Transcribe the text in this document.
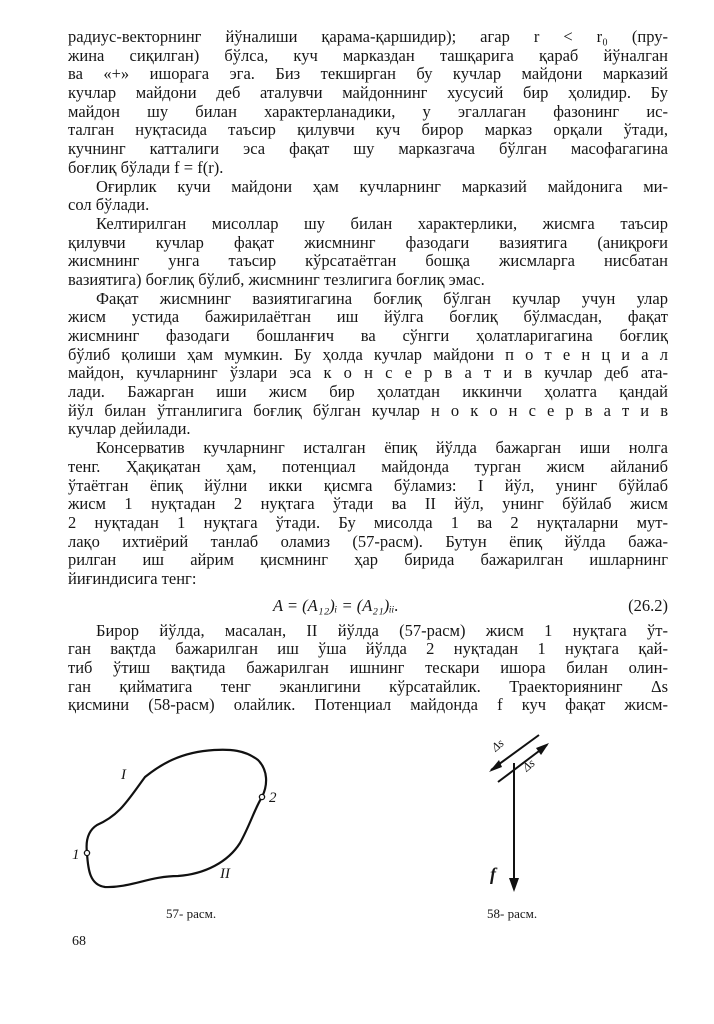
радиус-векторнинг йўналиши қарама-қаршидир); агар r < r₀ (пру-
жина сиқилган) бўлса, куч марказдан ташқарига қараб йўналган
ва «+» ишорага эга. Биз текширган бу кучлар майдони марказий
кучлар майдони деб аталувчи майдоннинг хусусий бир ҳолидир. Бу
майдон шу билан характерланадики, у эгаллаган фазонинг ис-
талган нуқтасида таъсир қилувчи куч бирор марказ орқали ўтади,
кучнинг катталиги эса фақат шу марказгача бўлган масофагагина
боғлиқ бўлади f = f(r).
Оғирлик кучи майдони ҳам кучларнинг марказий майдонига ми-
сол бўлади.
Келтирилган мисоллар шу билан характерлики, жисмга таъсир
қилувчи кучлар фақат жисмнинг фазодаги вазиятига (аниқроғи
жисмнинг унга таъсир кўрсатаётган бошқа жисмларга нисбатан
вазиятига) боғлиқ бўлиб, жисмнинг тезлигига боғлиқ эмас.
Фақат жисмнинг вазиятигагина боғлиқ бўлган кучлар учун улар
жисм устида бажирилаётган иш йўлга боғлиқ бўлмасдан, фақат
жисмнинг фазодаги бошланғич ва сўнгги ҳолатларигагина боғлиқ
бўлиб қолиши ҳам мумкин. Бу ҳолда кучлар майдони п о т е н ц и а л
майдон, кучларнинг ўзлари эса к о н с е р в а т и в кучлар деб ата-
лади. Бажарган иши жисм бир ҳолатдан иккинчи ҳолатга қандай
йўл билан ўтганлигига боғлиқ бўлган кучлар н о к о н с е р в а т и в
кучлар дейилади.
Консерватив кучларнинг исталган ёпиқ йўлда бажарган иши нолга
тенг. Ҳақиқатан ҳам, потенциал майдонда турган жисм айланиб
ўтаётган ёпиқ йўлни икки қисмга бўламиз: I йўл, унинг бўйлаб
жисм 1 нуқтадан 2 нуқтага ўтади ва II йўл, унинг бўйлаб жисм
2 нуқтадан 1 нуқтага ўтади. Бу мисолда 1 ва 2 нуқталарни мут-
лақо ихтиёрий танлаб оламиз (57-расм). Бутун ёпиқ йўлда бажа-
рилган иш айрим қисмнинг ҳар бирида бажарилган ишларнинг
йиғиндисига тенг:
A = (A₁₂)ᵢ = (A₂₁)ᵢᵢ.	(26.2)
Бирор йўлда, масалан, II йўлда (57-расм) жисм 1 нуқтага ўт-
ган вақтда бажарилган иш ўша йўлда 2 нуқтадан 1 нуқтага қай-
тиб ўтиш вақтида бажарилган ишнинг тескари ишора билан олин-
ган қийматига тенг эканлигини кўрсатайлик. Траекториянинг Δs
қисмини (58-расм) олайлик. Потенциал майдонда f куч фақат жисм-
I
2
1
II
Δs
Δs
f
57- расм.	58- расм.
68
